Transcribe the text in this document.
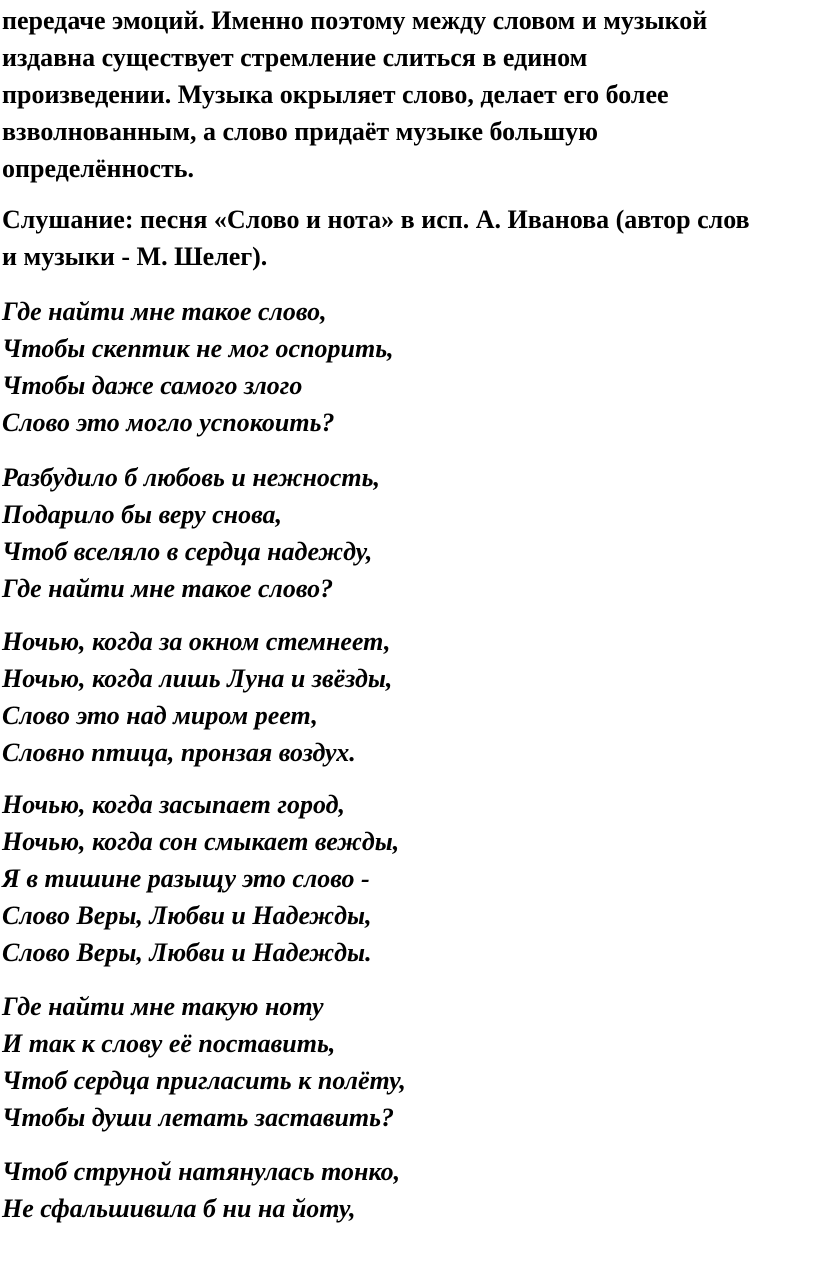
передаче эмоций. Именно поэтому между словом и музыкой
издавна существует стремление слиться в едином
произведении. Музыка окрыляет слово, делает его более
взволнованным, а слово придаёт музыке большую
определённость.
Слушание: песня «Слово и нота» в исп. А. Иванова (автор слов
и музыки - М. Шелег).
Где найти мне такое слово,
Чтобы скептик не мог оспорить,
Чтобы даже самого злого
Слово это могло успокоить?
Разбудило б любовь и нежность,
Подарило бы веру снова,
Чтоб вселяло в сердца надежду,
Где найти мне такое слово?
Ночью, когда за окном стемнеет,
Ночью, когда лишь Луна и звёзды,
Слово это над миром реет,
Словно птица, пронзая воздух.
Ночью, когда засыпает город,
Ночью, когда сон смыкает вежды,
Я в тишине разыщу это слово -
Слово Веры, Любви и Надежды,
Слово Веры, Любви и Надежды.
Где найти мне такую ноту
И так к слову её поставить,
Чтоб сердца пригласить к полёту,
Чтобы души летать заставить?
Чтоб струной натянулась тонко,
Не сфальшивила б ни на йоту,
